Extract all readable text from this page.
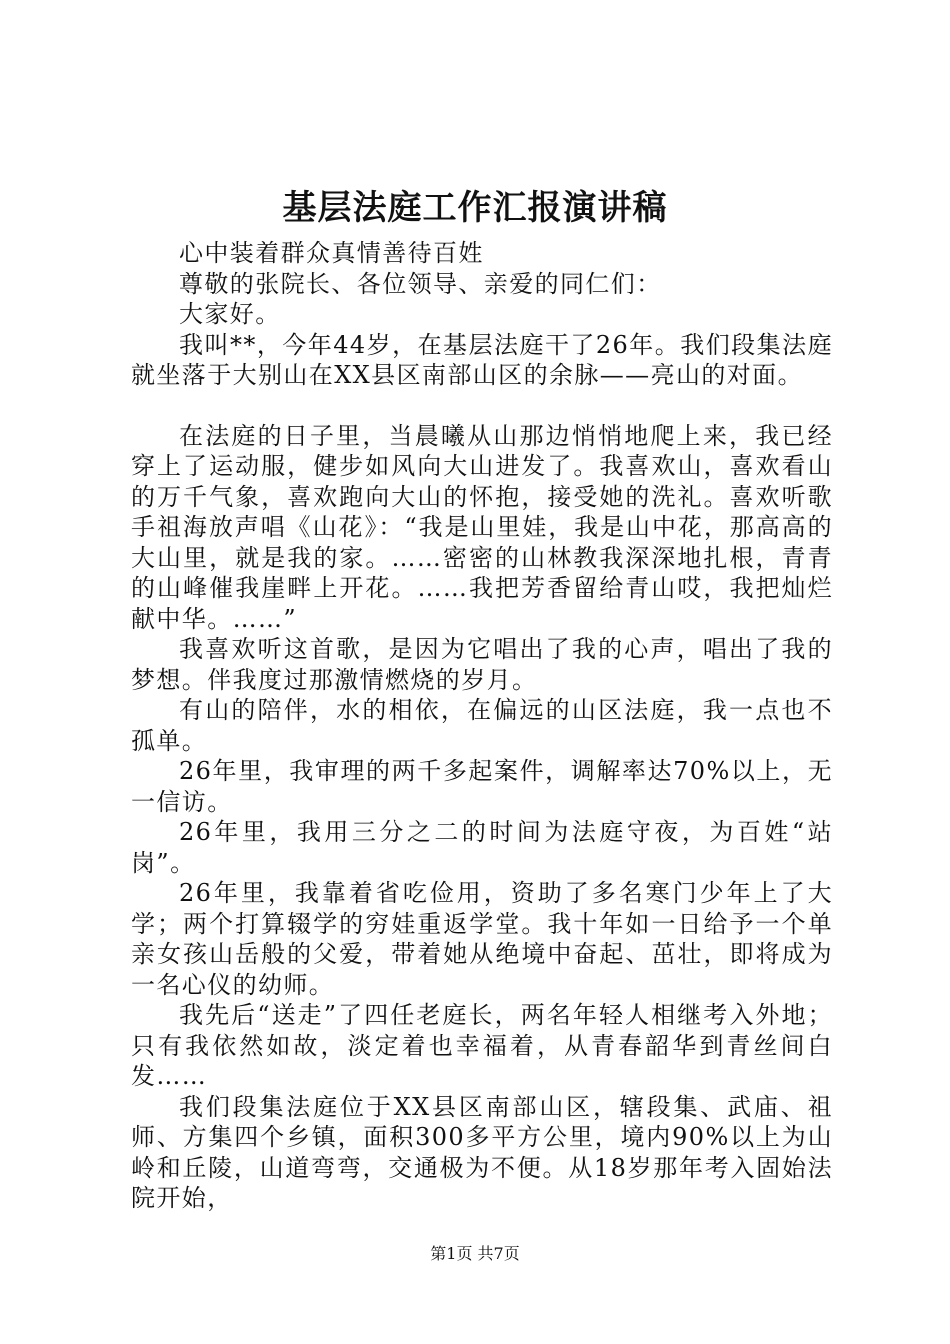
基层法庭工作汇报演讲稿

心中装着群众真情善待百姓

尊敬的张院长、各位领导、亲爱的同仁们：

大家好。

我叫**，今年44岁，在基层法庭干了26年。我们段集法庭就坐落于大别山在XX县区南部山区的余脉——亮山的对面。

在法庭的日子里，当晨曦从山那边悄悄地爬上来，我已经穿上了运动服，健步如风向大山进发了。我喜欢山，喜欢看山的万千气象，喜欢跑向大山的怀抱，接受她的洗礼。喜欢听歌手祖海放声唱《山花》：“我是山里娃，我是山中花，那高高的大山里，就是我的家。……密密的山林教我深深地扎根，青青的山峰催我崖畔上开花。……我把芳香留给青山哎，我把灿烂献中华。……”

我喜欢听这首歌，是因为它唱出了我的心声，唱出了我的梦想。伴我度过那激情燃烧的岁月。

有山的陪伴，水的相依，在偏远的山区法庭，我一点也不孤单。

26年里，我审理的两千多起案件，调解率达70%以上，无一信访。

26年里，我用三分之二的时间为法庭守夜，为百姓“站岗”。

26年里，我靠着省吃俭用，资助了多名寒门少年上了大学；两个打算辍学的穷娃重返学堂。我十年如一日给予一个单亲女孩山岳般的父爱，带着她从绝境中奋起、茁壮，即将成为一名心仪的幼师。

我先后“送走”了四任老庭长，两名年轻人相继考入外地；只有我依然如故，淡定着也幸福着，从青春韶华到青丝间白发……

我们段集法庭位于XX县区南部山区，辖段集、武庙、祖师、方集四个乡镇，面积300多平方公里，境内90%以上为山岭和丘陵，山道弯弯，交通极为不便。从18岁那年考入固始法院开始，

第1页 共7页
